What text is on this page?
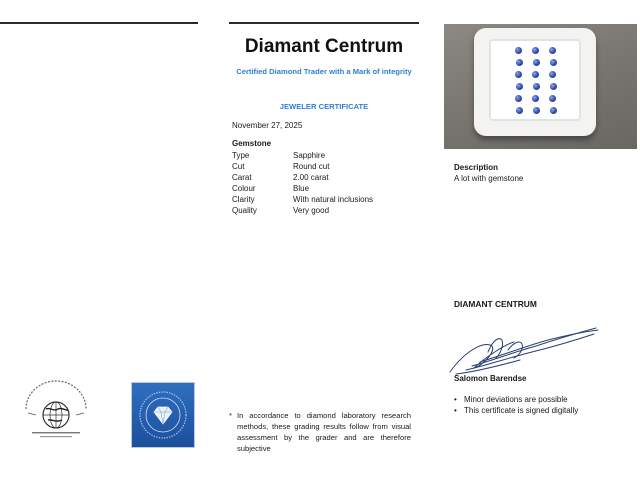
Diamant Centrum
Certified Diamond Trader with a Mark of integrity
JEWELER CERTIFICATE
November 27, 2025
Gemstone
Type	Sapphire
Cut	Round cut
Carat	2.00 carat
Colour	Blue
Clarity	With natural inclusions
Quality	Very good
* In accordance to diamond laboratory research methods, these grading results follow from visual assessment by the grader and are therefore subjective
Description
A lot with gemstone
DIAMANT CENTRUM
Salomon Barendse
• Minor deviations are possible
• This certificate is signed digitally
